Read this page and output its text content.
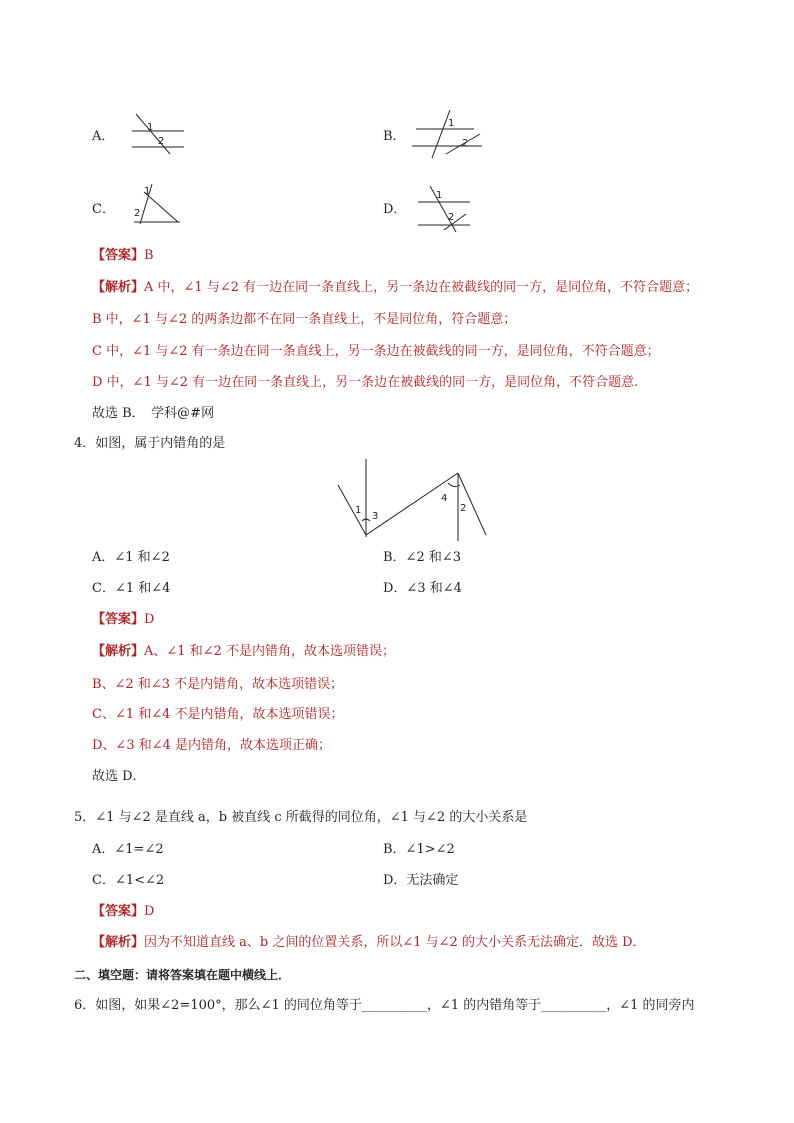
A．
1
2	B．
1
2
C．
1
2	D．
1
2
【答案】B
【解析】A 中，∠1 与∠2 有一边在同一条直线上，另一条边在被截线的同一方，是同位角，不符合题意；
B 中，∠1 与∠2 的两条边都不在同一条直线上，不是同位角，符合题意；
C 中，∠1 与∠2 有一条边在同一条直线上，另一条边在被截线的同一方，是同位角，不符合题意；
D 中，∠1 与∠2 有一边在同一条直线上，另一条边在被截线的同一方，是同位角，不符合题意.
故选 B．　学科@#网
4．如图，属于内错角的是
1
3
4
2
A．∠1 和∠2	B．∠2 和∠3
C．∠1 和∠4	D．∠3 和∠4
【答案】D
【解析】A、∠1 和∠2 不是内错角，故本选项错误；
B、∠2 和∠3 不是内错角，故本选项错误；
C、∠1 和∠4 不是内错角，故本选项错误；
D、∠3 和∠4 是内错角，故本选项正确；
故选 D．
5．∠1 与∠2 是直线 a，b 被直线 c 所截得的同位角，∠1 与∠2 的大小关系是
A．∠1=∠2	B．∠1>∠2
C．∠1<∠2	D．无法确定
【答案】D
【解析】因为不知道直线 a、b 之间的位置关系，所以∠1 与∠2 的大小关系无法确定．故选 D．
二、填空题：请将答案填在题中横线上．
6．如图，如果∠2=100°，那么∠1 的同位角等于__________，∠1 的内错角等于__________，∠1 的同旁内
